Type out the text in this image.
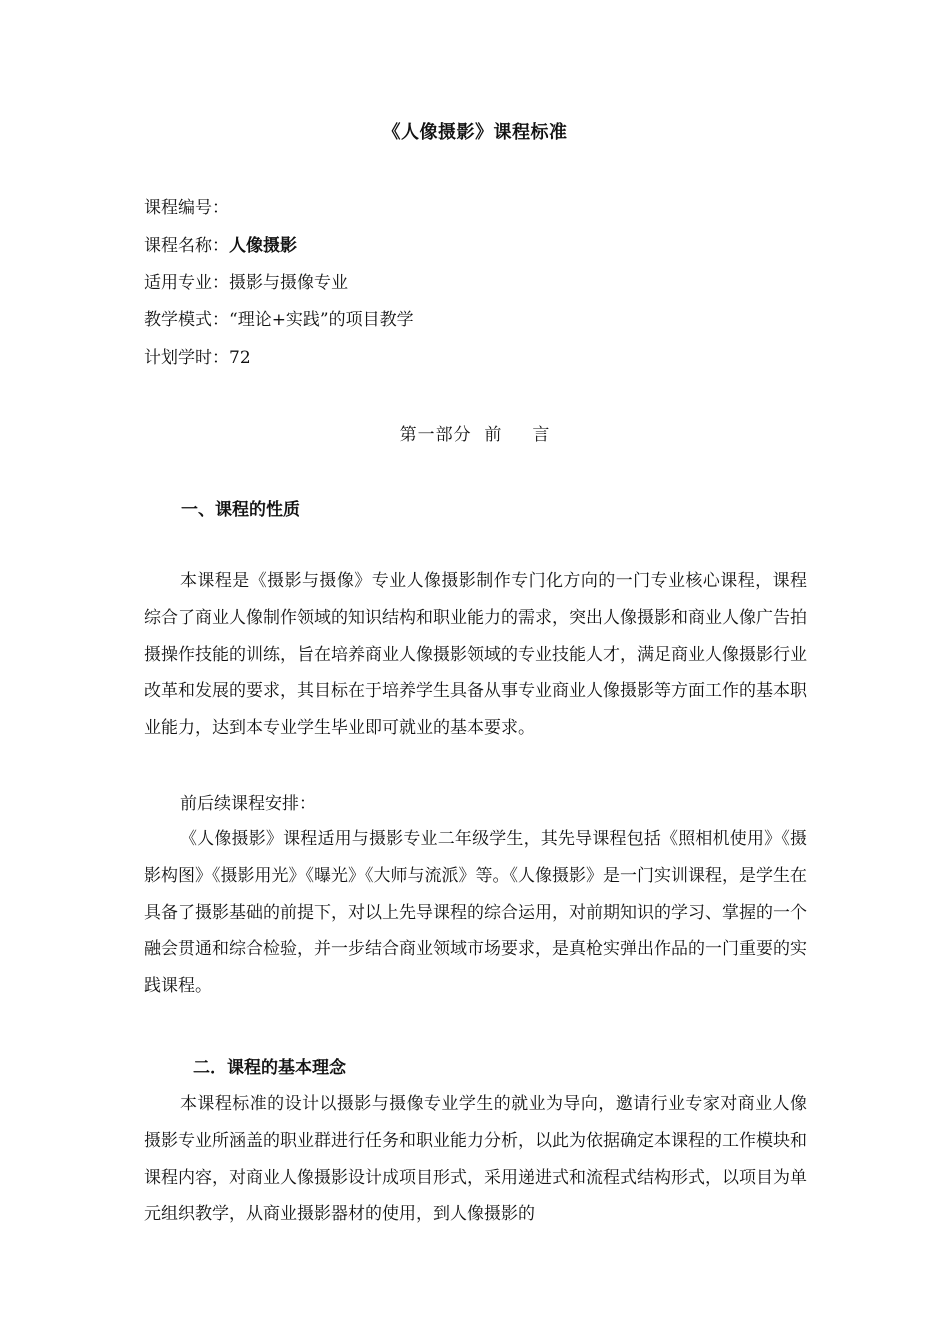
《人像摄影》课程标准
课程编号：
课程名称：人像摄影
适用专业：摄影与摄像专业
教学模式：“理论+实践”的项目教学
计划学时：72
第一部分 前 言
一、课程的性质
本课程是《摄影与摄像》专业人像摄影制作专门化方向的一门专业核心课程，课程综合了商业人像制作领域的知识结构和职业能力的需求，突出人像摄影和商业人像广告拍摄操作技能的训练，旨在培养商业人像摄影领域的专业技能人才，满足商业人像摄影行业改革和发展的要求，其目标在于培养学生具备从事专业商业人像摄影等方面工作的基本职业能力，达到本专业学生毕业即可就业的基本要求。
前后续课程安排：
《人像摄影》课程适用与摄影专业二年级学生，其先导课程包括《照相机使用》《摄影构图》《摄影用光》《曝光》《大师与流派》等。《人像摄影》是一门实训课程，是学生在具备了摄影基础的前提下，对以上先导课程的综合运用，对前期知识的学习、掌握的一个融会贯通和综合检验，并一步结合商业领域市场要求，是真枪实弹出作品的一门重要的实践课程。
二．课程的基本理念
本课程标准的设计以摄影与摄像专业学生的就业为导向，邀请行业专家对商业人像摄影专业所涵盖的职业群进行任务和职业能力分析，以此为依据确定本课程的工作模块和课程内容，对商业人像摄影设计成项目形式，采用递进式和流程式结构形式，以项目为单元组织教学，从商业摄影器材的使用，到人像摄影的
